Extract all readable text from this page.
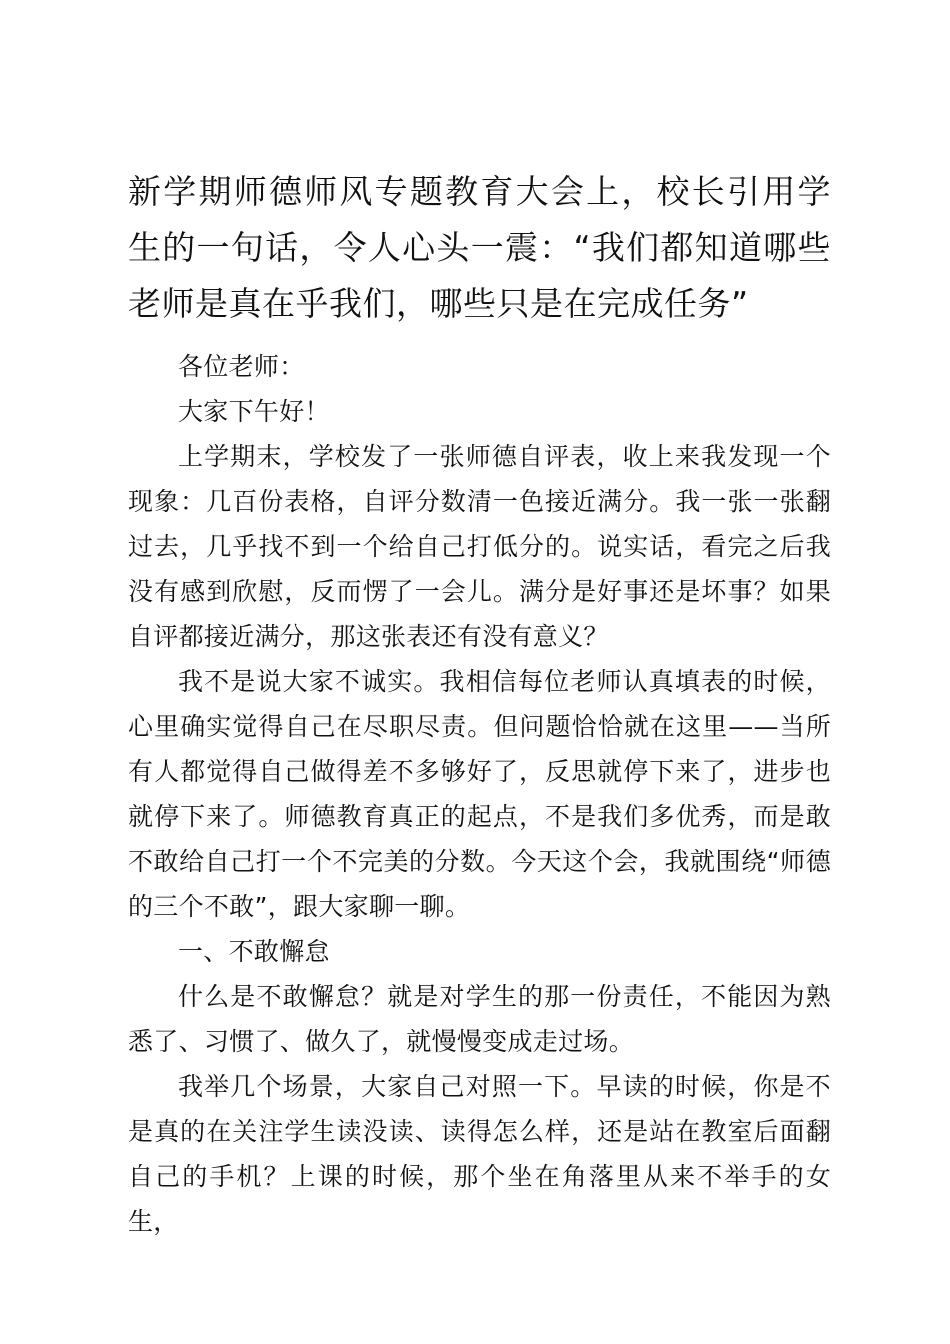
新学期师德师风专题教育大会上，校长引用学生的一句话，令人心头一震：“我们都知道哪些老师是真在乎我们，哪些只是在完成任务”

各位老师：

大家下午好！

上学期末，学校发了一张师德自评表，收上来我发现一个现象：几百份表格，自评分数清一色接近满分。我一张一张翻过去，几乎找不到一个给自己打低分的。说实话，看完之后我没有感到欣慰，反而愣了一会儿。满分是好事还是坏事？如果自评都接近满分，那这张表还有没有意义？

我不是说大家不诚实。我相信每位老师认真填表的时候，心里确实觉得自己在尽职尽责。但问题恰恰就在这里——当所有人都觉得自己做得差不多够好了，反思就停下来了，进步也就停下来了。师德教育真正的起点，不是我们多优秀，而是敢不敢给自己打一个不完美的分数。今天这个会，我就围绕“师德的三个不敢”，跟大家聊一聊。

一、不敢懈怠

什么是不敢懈怠？就是对学生的那一份责任，不能因为熟悉了、习惯了、做久了，就慢慢变成走过场。

我举几个场景，大家自己对照一下。早读的时候，你是不是真的在关注学生读没读、读得怎么样，还是站在教室后面翻自己的手机？上课的时候，那个坐在角落里从来不举手的女生，
